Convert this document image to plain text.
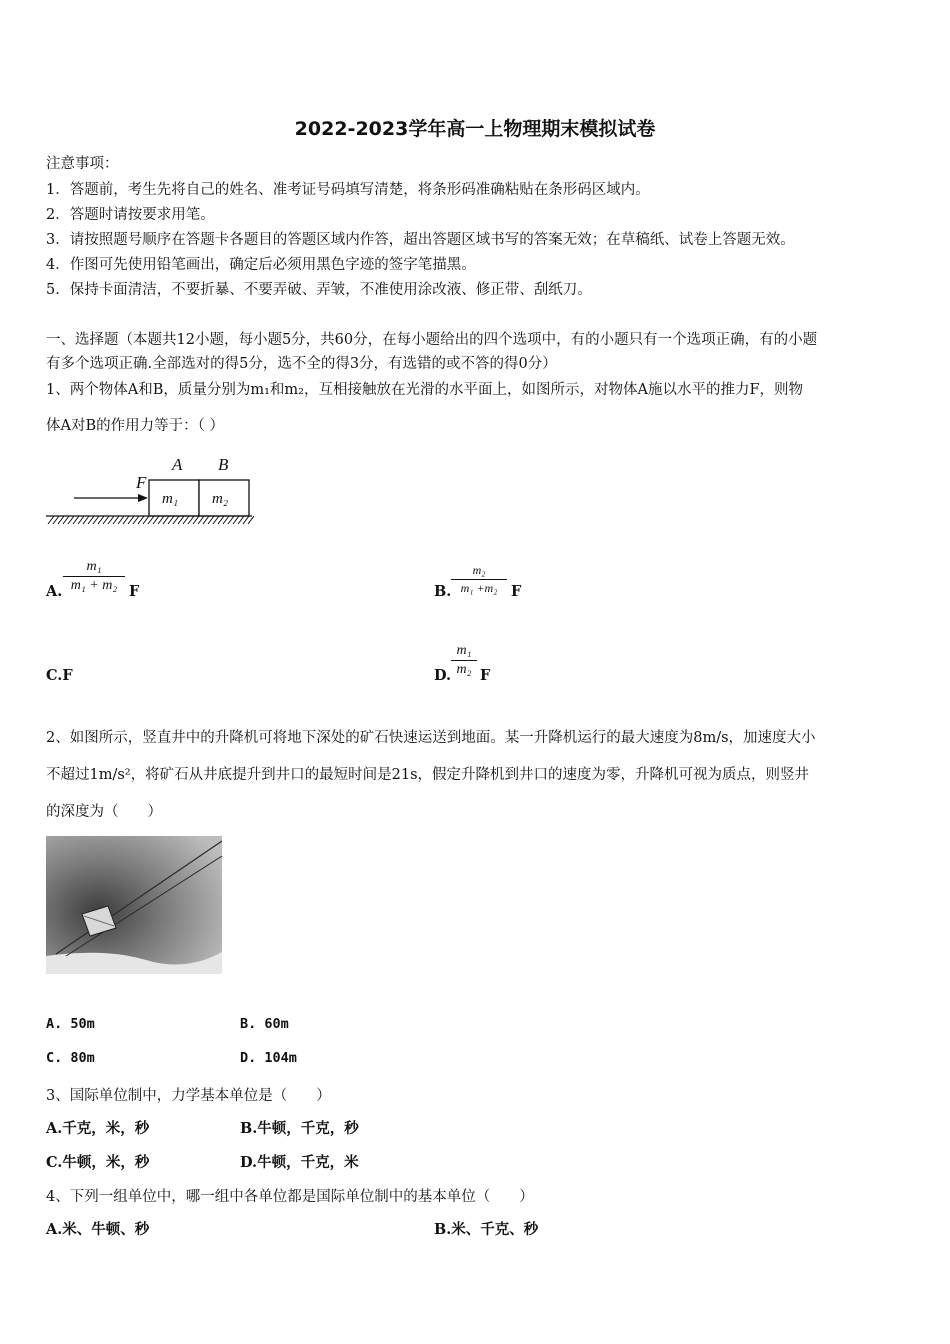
2022-2023学年高一上物理期末模拟试卷
注意事项：
1．答题前，考生先将自己的姓名、准考证号码填写清楚，将条形码准确粘贴在条形码区域内。
2．答题时请按要求用笔。
3．请按照题号顺序在答题卡各题目的答题区域内作答，超出答题区域书写的答案无效；在草稿纸、试卷上答题无效。
4．作图可先使用铅笔画出，确定后必须用黑色字迹的签字笔描黑。
5．保持卡面清洁，不要折暴、不要弄破、弄皱，不准使用涂改液、修正带、刮纸刀。
一、选择题（本题共12小题，每小题5分，共60分，在每小题给出的四个选项中，有的小题只有一个选项正确，有的小题
有多个选项正确.全部选对的得5分，选不全的得3分，有选错的或不答的得0分）
1、两个物体A和B，质量分别为m₁和m₂，互相接触放在光滑的水平面上，如图所示，对物体A施以水平的推力F，则物
体A对B的作用力等于：（ ）
F
A B
m₁ m₂
A.
m₁
m₁ + m₂ F	B.
m₂
m₁ +m₂ F
C.F	D.
m₁
m₂ F
2、如图所示，竖直井中的升降机可将地下深处的矿石快速运送到地面。某一升降机运行的最大速度为8m/s，加速度大小
不超过1m/s²，将矿石从井底提升到井口的最短时间是21s，假定升降机到井口的速度为零，升降机可视为质点，则竖井
的深度为（　　）
A. 50m	B. 60m
C. 80m	D. 104m
3、国际单位制中，力学基本单位是（　　）
A.千克，米，秒	B.牛顿，千克，秒
C.牛顿，米，秒	D.牛顿，千克，米
4、下列一组单位中，哪一组中各单位都是国际单位制中的基本单位（　　）
A.米、牛顿、秒	B.米、千克、秒
